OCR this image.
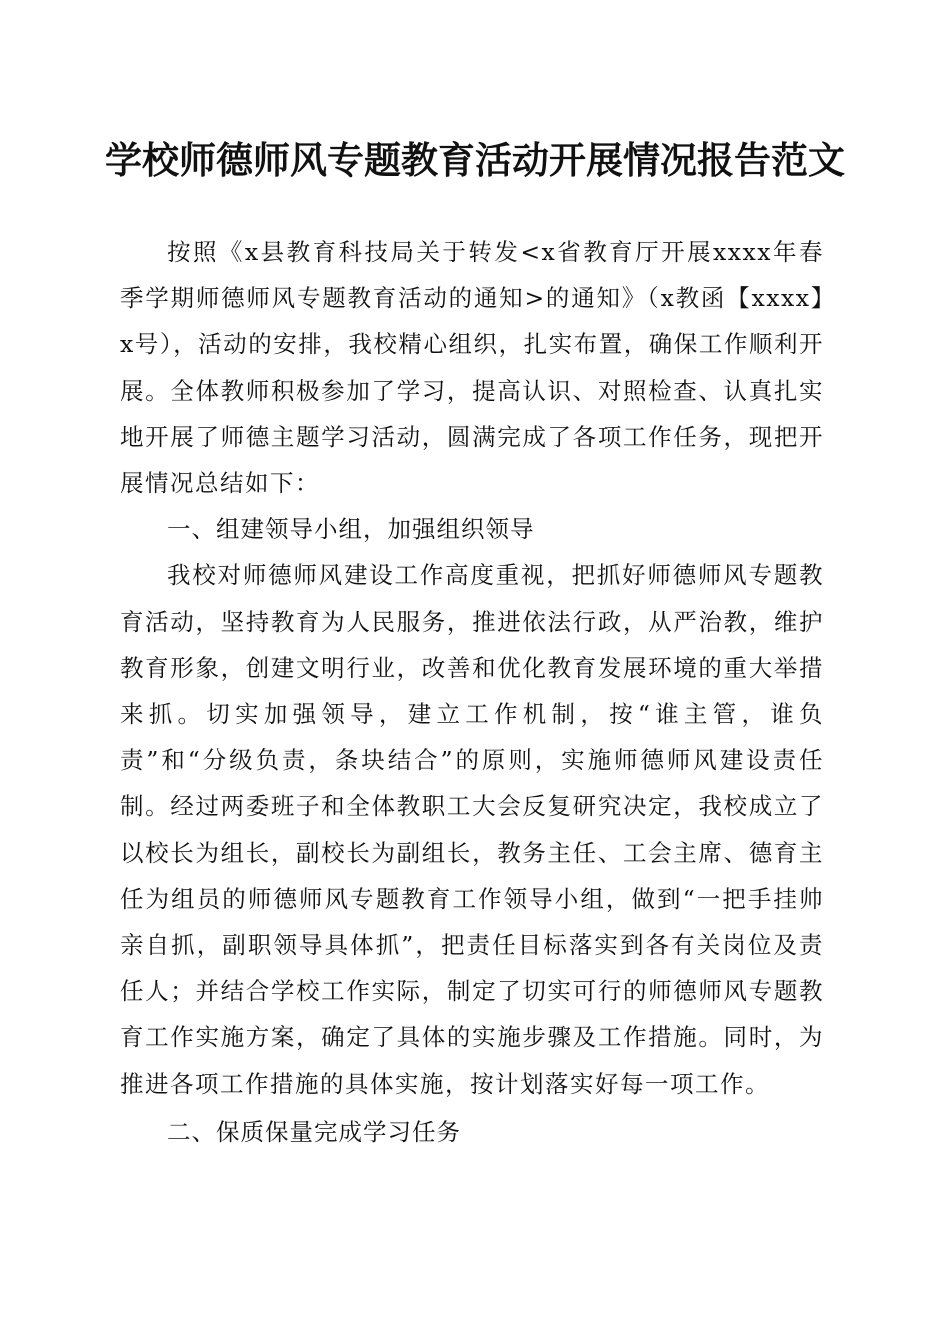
学校师德师风专题教育活动开展情况报告范文

按照《x县教育科技局关于转发<x省教育厅开展xxxx年春季学期师德师风专题教育活动的通知>的通知》（x教函【xxxx】x号），活动的安排，我校精心组织，扎实布置，确保工作顺利开展。全体教师积极参加了学习，提高认识、对照检查、认真扎实地开展了师德主题学习活动，圆满完成了各项工作任务，现把开展情况总结如下：

一、组建领导小组，加强组织领导

我校对师德师风建设工作高度重视，把抓好师德师风专题教育活动，坚持教育为人民服务，推进依法行政，从严治教，维护教育形象，创建文明行业，改善和优化教育发展环境的重大举措来抓。切实加强领导，建立工作机制，按“谁主管，谁负责”和“分级负责，条块结合”的原则，实施师德师风建设责任制。经过两委班子和全体教职工大会反复研究决定，我校成立了以校长为组长，副校长为副组长，教务主任、工会主席、德育主任为组员的师德师风专题教育工作领导小组，做到“一把手挂帅亲自抓，副职领导具体抓”，把责任目标落实到各有关岗位及责任人；并结合学校工作实际，制定了切实可行的师德师风专题教育工作实施方案，确定了具体的实施步骤及工作措施。同时，为推进各项工作措施的具体实施，按计划落实好每一项工作。

二、保质保量完成学习任务
